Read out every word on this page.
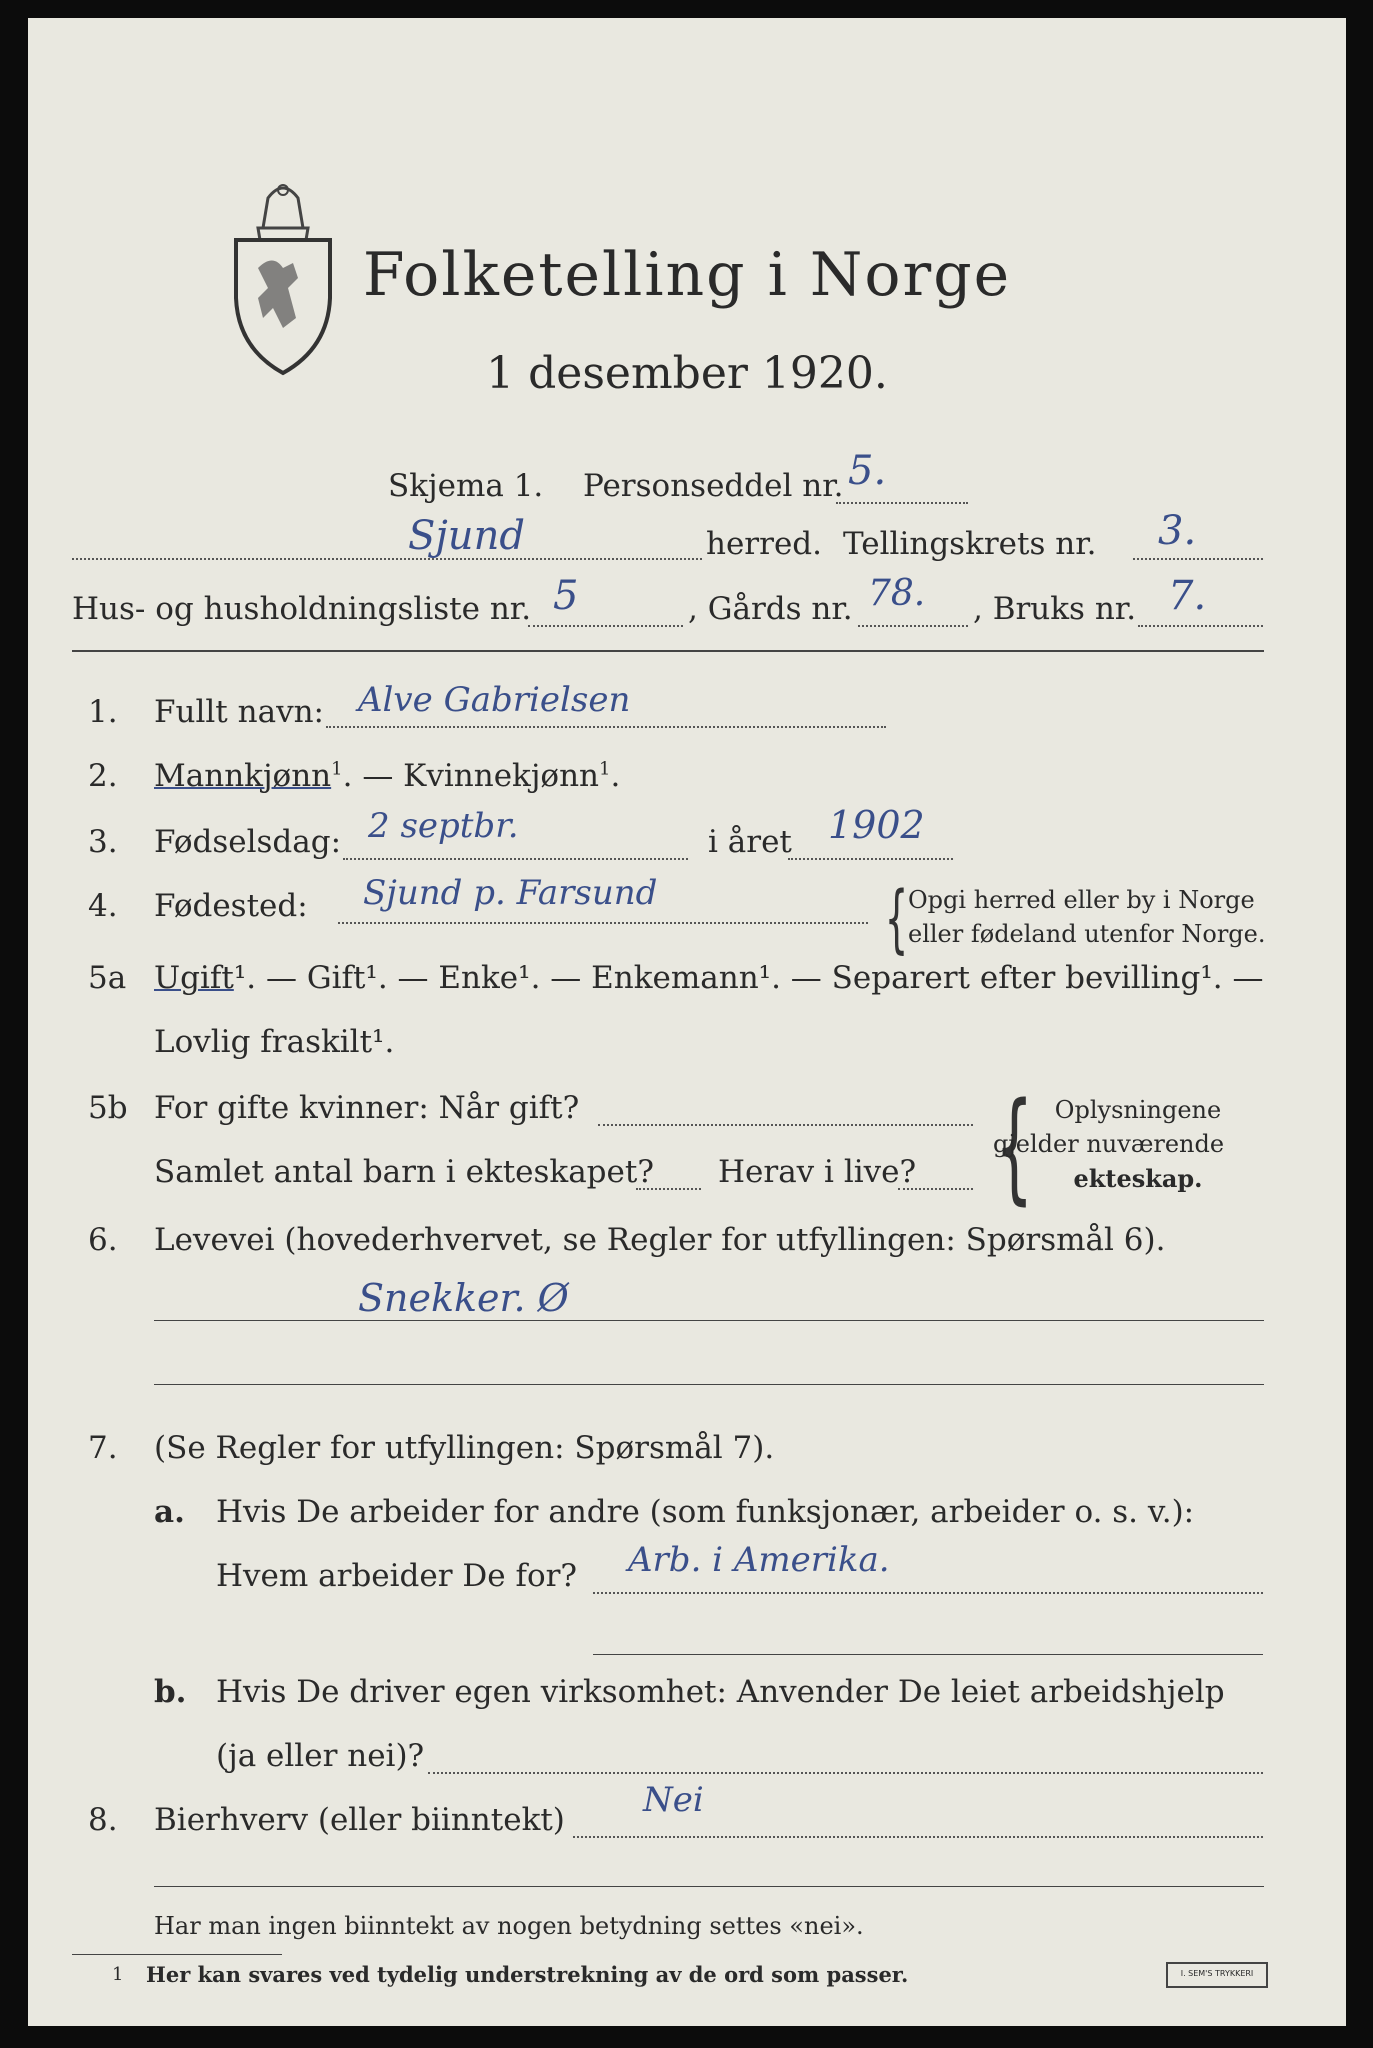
Folketelling i Norge
1 desember 1920.
Skjema 1. Personseddel nr. 5.
Sjund	herred. Tellingskrets nr. 3.
Hus- og husholdningsliste nr. 5	, Gårds nr. 78. , Bruks nr. 7.
1. Fullt navn: Alve Gabrielsen
2. Mannkjønn$^1$. — Kvinnekjønn$^1$.
3. Fødselsdag: 2 septbr.	i året 1902
4. Fødested: Sjund p. Farsund	{ Opgi herred eller by i Norge
eller fødeland utenfor Norge.
5a Ugift¹. — Gift¹. — Enke¹. — Enkemann¹. — Separert efter bevilling¹. —
Lovlig fraskilt¹.
5b For gifte kvinner: Når gift?
Samlet antal barn i ekteskapet? Herav i live? { Oplysningene
gjelder nuværende
ekteskap.
6. Levevei (hovederhvervet, se Regler for utfyllingen: Spørsmål 6).
Snekker. Ø
7. (Se Regler for utfyllingen: Spørsmål 7).
a. Hvis De arbeider for andre (som funksjonær, arbeider o. s. v.):
Hvem arbeider De for? Arb. i Amerika.
b. Hvis De driver egen virksomhet: Anvender De leiet arbeidshjelp
(ja eller nei)?
8. Bierhverv (eller biinntekt) Nei
Har man ingen biinntekt av nogen betydning settes «nei».
1 Her kan svares ved tydelig understrekning av de ord som passer.	I. SEM'S TRYKKERI
